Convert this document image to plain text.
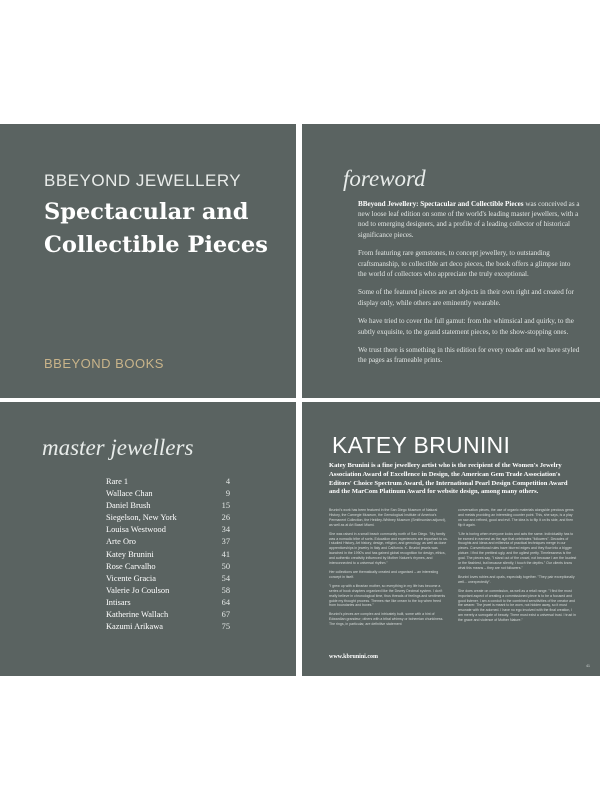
BBEYOND JEWELLERY
Spectacular and Collectible Pieces
BBEYOND BOOKS
foreword

BBeyond Jewellery: Spectacular and Collectible Pieces was conceived as a new loose leaf edition on some of the world's leading master jewellers, with a nod to emerging designers, and a profile of a leading collector of historical significance pieces.

From featuring rare gemstones, to concept jewellery, to outstanding craftsmanship, to collectible art deco pieces, the book offers a glimpse into the world of collectors who appreciate the truly exceptional.

Some of the featured pieces are art objects in their own right and created for display only, while others are eminently wearable.

We have tried to cover the full gamut: from the whimsical and quirky, to the subtly exquisite, to the grand statement pieces, to the show-stopping ones.

We trust there is something in this edition for every reader and we have styled the pages as frameable prints.

master jewellers
Rare 1	4
Wallace Chan	9
Daniel Brush	15
Siegelson, New York	26
Louisa Westwood	34
Arte Oro	37
Katey Brunini	41
Rose Carvalho	50
Vicente Gracia	54
Valerie Jo Coulson	58
Intisars	64
Katherine Wallach	67
Kazumi Arikawa	75
KATEY BRUNINI

Katey Brunini is a fine jewellery artist who is the recipient of the Women's Jewelry Association Award of Excellence in Design, the American Gem Trade Association's Editors' Choice Spectrum Award, the International Pearl Design Competition Award and the MarCom Platinum Award for website design, among many others.

Brunini's work has been featured in the San Diego Museum of Natural History, the Carnegie Museum, the Gemological Institute of America's Permanent Collection, the Heidley-Whitney Museum (Smithsonian adjunct), as well as at Art Basel Miami.

She was raised in a small beach community north of San Diego. "My family was a nomadic tribe of sorts. Education and experiences are important to us. I studied History, Art history, design, religion, and gemology, as well as done apprenticeships in jewelry in Italy and California. K. Brunini jewels was launched in the 1990's and has gained global recognition for design, ethics, and authentic creativity influenced by Mother Nature's rhymes, and interconnected to a universal rhythm."

Her collections are thematically created and organised – an interesting concept in itself.

"I grew up with a librarian mother, so everything in my life has become a series of book chapters organized like the Dewey Decimal system. I don't really believe in chronological time, thus threads of feelings and sentiments guide my thought process. Themes rise like cream to the top when freed from boundaries and boxes."

Brunini's pieces are complex and intricately built, some with a hint of Edwardian grandeur; others with a tribal whimsy or bohemian chunkiness. The rings, in particular, are definitive statement

conversation pieces, the use of organic materials alongside precious gems and metals providing an interesting counter point. This, she says, is a play on raw and refined, good and evil. The idea is to flip it on its side, and then flip it again.

"Life is boring when everyone looks and acts the same. Individuality has to be earned in earnest as the age that celebrates "followers". Decades of thoughts and ideas and millennia of practical techniques merge in our pieces. Conventional rules have blurred edges and they flow into a bigger picture. I find the prettiest ugly, and the ugliest pretty. Timelessness is the goal. The pieces say, "I stand out of the crowd, not because I am the loudest or the flashiest, but because silently, I touch the depths." Our clients know what this means – they are not followers."

Brunini loves rubies and opals, especially together. "They pair exceptionally well... unexpectedly".

She does create on commission, as well as a retail range. "I find the most important aspect of creating a commissioned piece is to be a focused and good listener. I am a conduit to the combined sensitivities of the creator and the wearer. The jewel is meant to be worn, not hidden away, so it must resonate with the adorned. I have no ego involved with the final creation, I am merely a surrogate of beauty. There must exist a universal trust. I trust in the grace and violence of Mother Nature."

www.kbrunini.com
41
